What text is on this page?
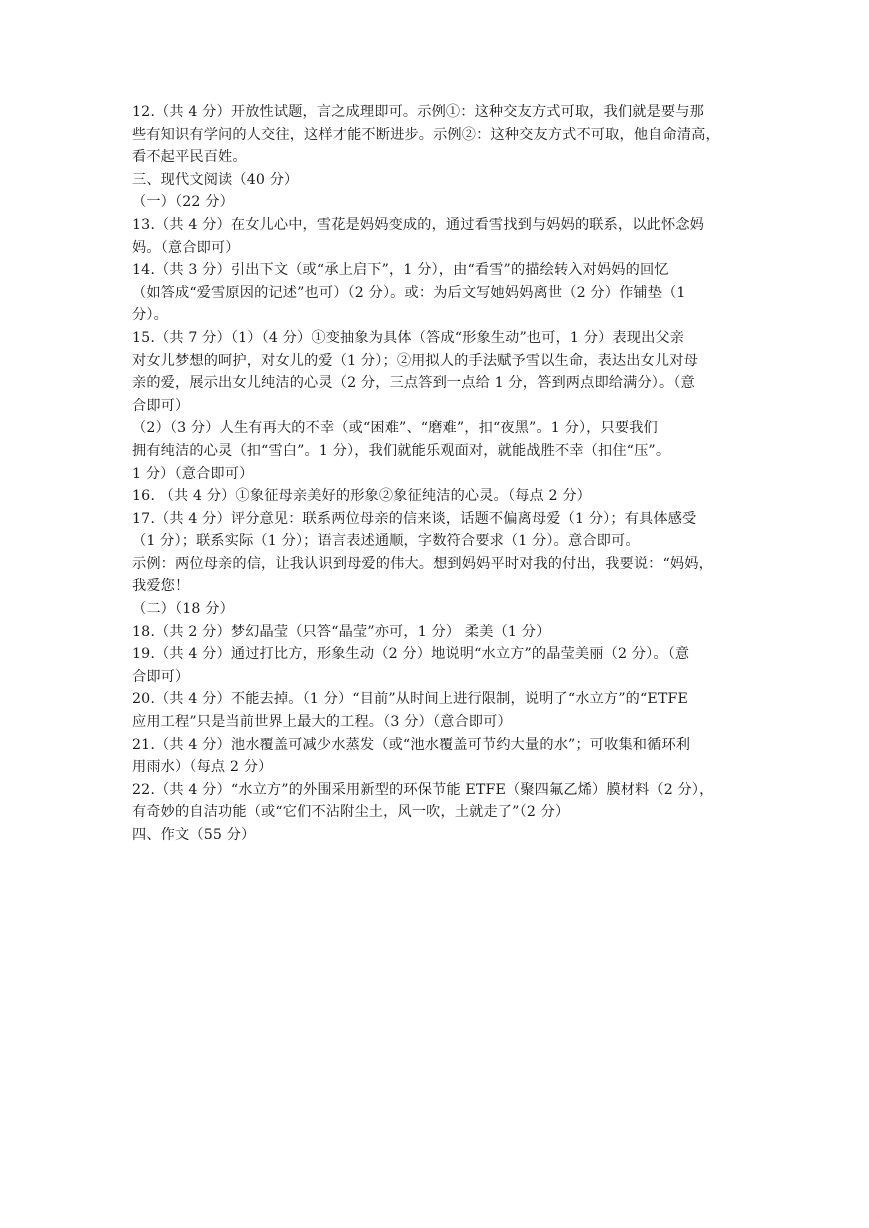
12.（共 4 分）开放性试题，言之成理即可。示例①：这种交友方式可取，我们就是要与那
些有知识有学问的人交往，这样才能不断进步。示例②：这种交友方式不可取，他自命清高，
看不起平民百姓。
三、现代文阅读（40 分）
（一）（22 分）
13.（共 4 分）在女儿心中，雪花是妈妈变成的，通过看雪找到与妈妈的联系，以此怀念妈
妈。（意合即可）
14.（共 3 分）引出下文（或“承上启下”，1 分），由“看雪”的描绘转入对妈妈的回忆
（如答成“爱雪原因的记述”也可）（2 分）。或：为后文写她妈妈离世（2 分）作铺垫（1
分）。
15.（共 7 分）（1）（4 分）①变抽象为具体（答成“形象生动”也可，1 分）表现出父亲
对女儿梦想的呵护，对女儿的爱（1 分）；②用拟人的手法赋予雪以生命，表达出女儿对母
亲的爱，展示出女儿纯洁的心灵（2 分，三点答到一点给 1 分，答到两点即给满分）。（意
合即可）
（2）（3 分）人生有再大的不幸（或“困难”、“磨难”，扣“夜黑”。1 分），只要我们
拥有纯洁的心灵（扣“雪白”。1 分），我们就能乐观面对，就能战胜不幸（扣住“压”。
1 分）（意合即可）
16. （共 4 分）①象征母亲美好的形象②象征纯洁的心灵。（每点 2 分）
17.（共 4 分）评分意见：联系两位母亲的信来谈，话题不偏离母爱（1 分）；有具体感受
（1 分）；联系实际（1 分）；语言表述通顺，字数符合要求（1 分）。意合即可。
示例：两位母亲的信，让我认识到母爱的伟大。想到妈妈平时对我的付出，我要说：“妈妈，
我爱您！
（二）（18 分）
18.（共 2 分）梦幻晶莹（只答“晶莹”亦可，1 分） 柔美（1 分）
19.（共 4 分）通过打比方，形象生动（2 分）地说明“水立方”的晶莹美丽（2 分）。（意
合即可）
20.（共 4 分）不能去掉。（1 分）“目前”从时间上进行限制，说明了“水立方”的“ETFE
应用工程”只是当前世界上最大的工程。（3 分）（意合即可）
21.（共 4 分）池水覆盖可减少水蒸发（或“池水覆盖可节约大量的水”；可收集和循环利
用雨水）（每点 2 分）
22.（共 4 分）“水立方”的外围采用新型的环保节能 ETFE（聚四氟乙烯）膜材料（2 分），
有奇妙的自洁功能（或“它们不沾附尘土，风一吹，土就走了”（2 分）
四、作文（55 分）
